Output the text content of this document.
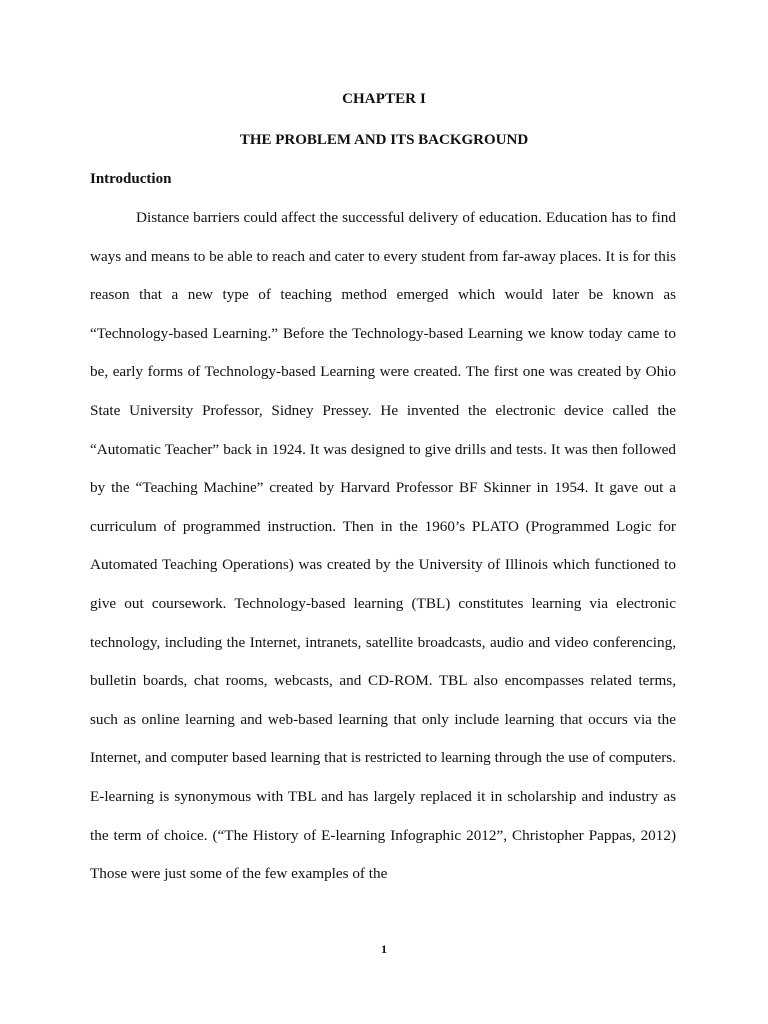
CHAPTER I
THE PROBLEM AND ITS BACKGROUND
Introduction

Distance barriers could affect the successful delivery of education. Education has to find ways and means to be able to reach and cater to every student from far-away places. It is for this reason that a new type of teaching method emerged which would later be known as “Technology-based Learning.” Before the Technology-based Learning we know today came to be, early forms of Technology-based Learning were created. The first one was created by Ohio State University Professor, Sidney Pressey. He invented the electronic device called the “Automatic Teacher” back in 1924. It was designed to give drills and tests. It was then followed by the “Teaching Machine” created by Harvard Professor BF Skinner in 1954. It gave out a curriculum of programmed instruction. Then in the 1960’s PLATO (Programmed Logic for Automated Teaching Operations) was created by the University of Illinois which functioned to give out coursework. Technology-based learning (TBL) constitutes learning via electronic technology, including the Internet, intranets, satellite broadcasts, audio and video conferencing, bulletin boards, chat rooms, webcasts, and CD-ROM. TBL also encompasses related terms, such as online learning and web-based learning that only include learning that occurs via the Internet, and computer based learning that is restricted to learning through the use of computers. E-learning is synonymous with TBL and has largely replaced it in scholarship and industry as the term of choice. (“The History of E-learning Infographic 2012”, Christopher Pappas, 2012) Those were just some of the few examples of the

1
